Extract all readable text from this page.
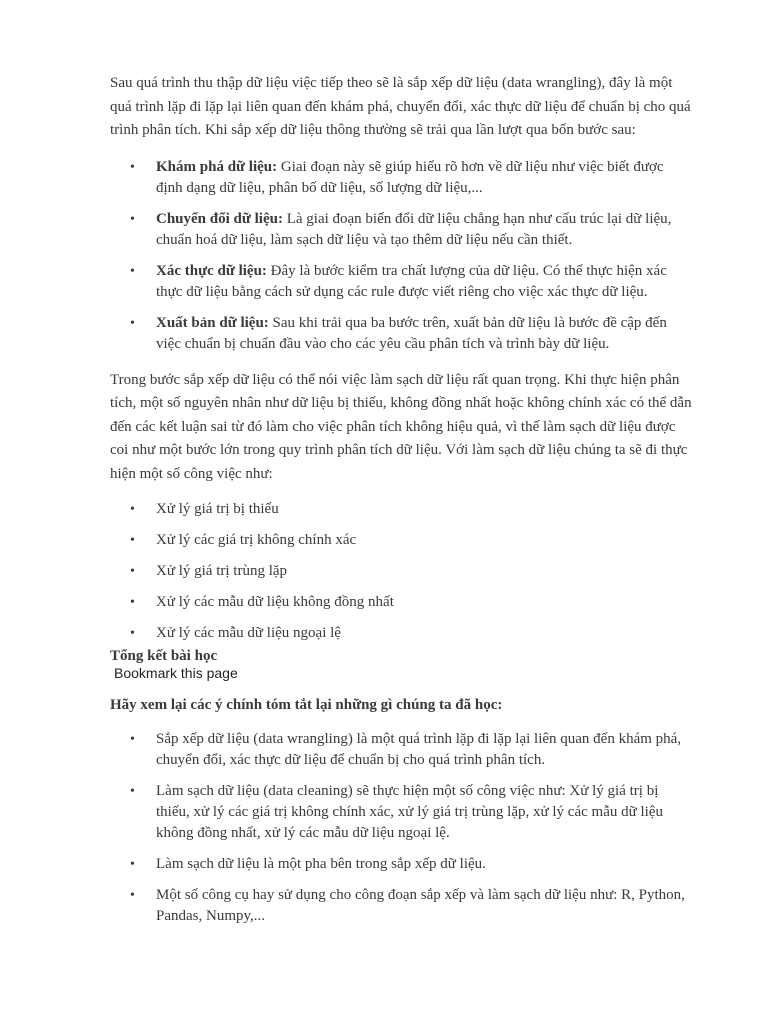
Sau quá trình thu thập dữ liệu việc tiếp theo sẽ là sắp xếp dữ liệu (data wrangling), đây là một quá trình lặp đi lặp lại liên quan đến khám phá, chuyển đổi, xác thực dữ liệu để chuẩn bị cho quá trình phân tích. Khi sắp xếp dữ liệu thông thường sẽ trải qua lần lượt qua bốn bước sau:

• Khám phá dữ liệu: Giai đoạn này sẽ giúp hiểu rõ hơn về dữ liệu như việc biết được định dạng dữ liệu, phân bố dữ liệu, số lượng dữ liệu,...
• Chuyển đổi dữ liệu: Là giai đoạn biến đổi dữ liệu chẳng hạn như cấu trúc lại dữ liệu, chuẩn hoá dữ liệu, làm sạch dữ liệu và tạo thêm dữ liệu nếu cần thiết.
• Xác thực dữ liệu: Đây là bước kiểm tra chất lượng của dữ liệu. Có thể thực hiện xác thực dữ liệu bằng cách sử dụng các rule được viết riêng cho việc xác thực dữ liệu.
• Xuất bản dữ liệu: Sau khi trải qua ba bước trên, xuất bản dữ liệu là bước đề cập đến việc chuẩn bị chuẩn đầu vào cho các yêu cầu phân tích và trình bày dữ liệu.

Trong bước sắp xếp dữ liệu có thể nói việc làm sạch dữ liệu rất quan trọng. Khi thực hiện phân tích, một số nguyên nhân như dữ liệu bị thiếu, không đồng nhất hoặc không chính xác có thể dẫn đến các kết luận sai từ đó làm cho việc phân tích không hiệu quả, vì thế làm sạch dữ liệu được coi như một bước lớn trong quy trình phân tích dữ liệu. Với làm sạch dữ liệu chúng ta sẽ đi thực hiện một số công việc như:

• Xử lý giá trị bị thiếu
• Xử lý các giá trị không chính xác
• Xử lý giá trị trùng lặp
• Xử lý các mẫu dữ liệu không đồng nhất
• Xử lý các mẫu dữ liệu ngoại lệ

Tổng kết bài học

Bookmark this page

Hãy xem lại các ý chính tóm tắt lại những gì chúng ta đã học:

• Sắp xếp dữ liệu (data wrangling) là một quá trình lặp đi lặp lại liên quan đến khám phá, chuyển đổi, xác thực dữ liệu để chuẩn bị cho quá trình phân tích.
• Làm sạch dữ liệu (data cleaning) sẽ thực hiện một số công việc như: Xử lý giá trị bị thiếu, xử lý các giá trị không chính xác, xử lý giá trị trùng lặp, xử lý các mẫu dữ liệu không đồng nhất, xử lý các mẫu dữ liệu ngoại lệ.
• Làm sạch dữ liệu là một pha bên trong sắp xếp dữ liệu.
• Một số công cụ hay sử dụng cho công đoạn sắp xếp và làm sạch dữ liệu như: R, Python, Pandas, Numpy,...
